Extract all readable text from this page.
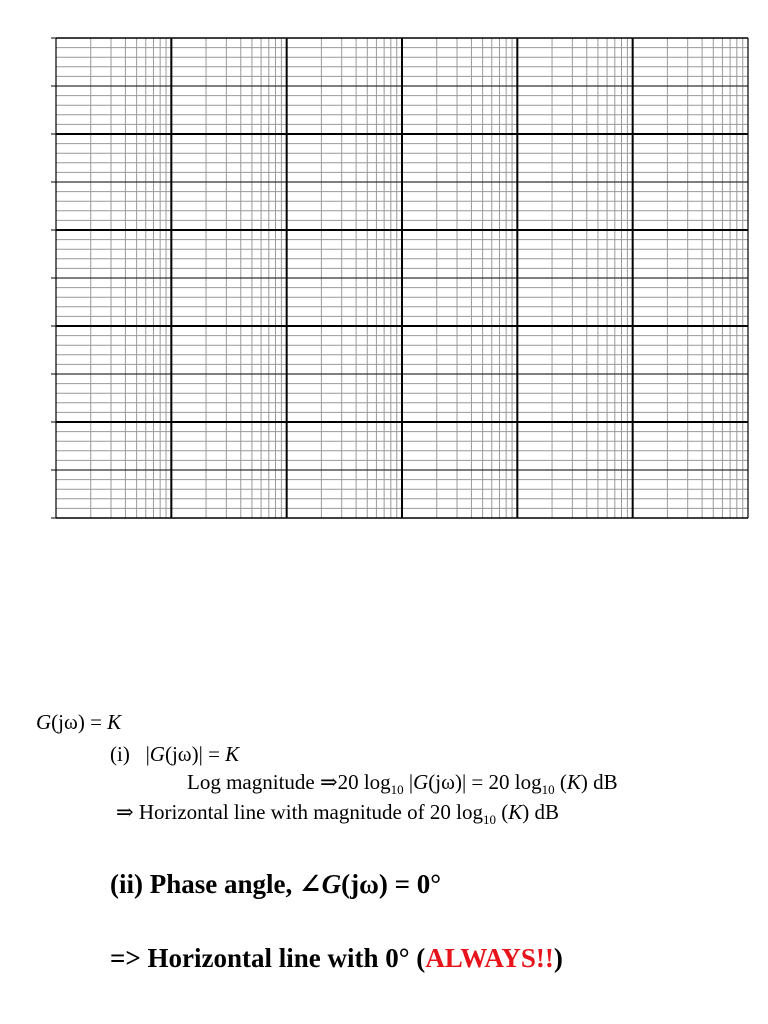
G(jω) = K
(i) |G(jω)| = K
Log magnitude ⇒20 $\log_{10} |G(j\omega)| = 20$ $\log_{10} (K)$ dB
⇒ Horizontal line with magnitude of 20 $\log_{10} (K)$ dB
(ii) Phase angle, ∠G(jω) = 0°
=> Horizontal line with 0° (ALWAYS!!)
